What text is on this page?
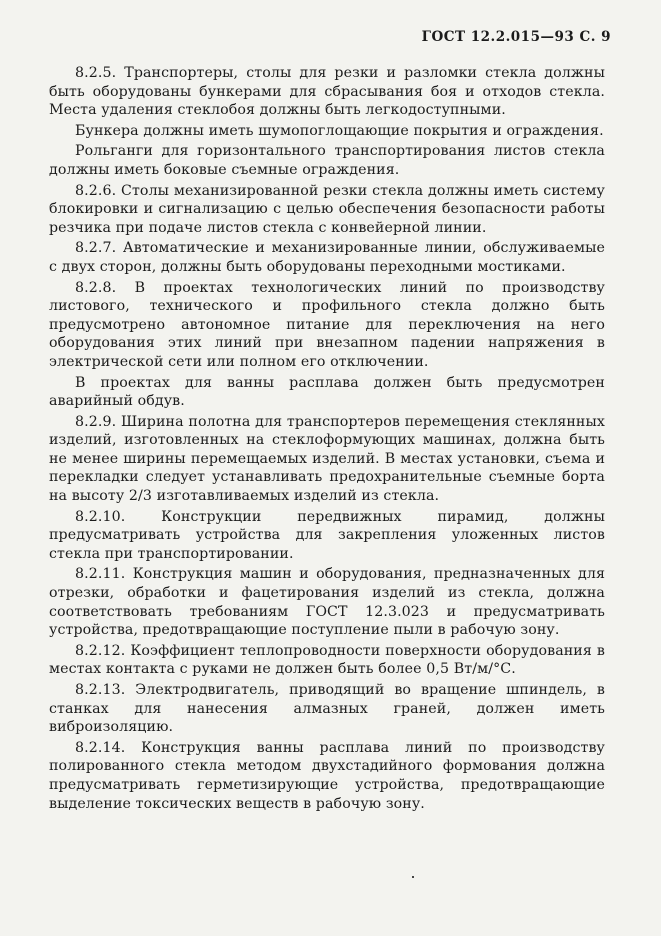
ГОСТ 12.2.015—93 С. 9

8.2.5. Транспортеры, столы для резки и разломки стекла должны быть оборудованы бункерами для сбрасывания боя и отходов стекла. Места удаления стеклобоя должны быть легкодоступными.

Бункера должны иметь шумопоглощающие покрытия и ограждения.

Рольганги для горизонтального транспортирования листов стекла должны иметь боковые съемные ограждения.

8.2.6. Столы механизированной резки стекла должны иметь систему блокировки и сигнализацию с целью обеспечения безопасности работы резчика при подаче листов стекла с конвейерной линии.

8.2.7. Автоматические и механизированные линии, обслуживаемые с двух сторон, должны быть оборудованы переходными мостиками.

8.2.8. В проектах технологических линий по производству листового, технического и профильного стекла должно быть предусмотрено автономное питание для переключения на него оборудования этих линий при внезапном падении напряжения в электрической сети или полном его отключении.

В проектах для ванны расплава должен быть предусмотрен аварийный обдув.

8.2.9. Ширина полотна для транспортеров перемещения стеклянных изделий, изготовленных на стеклоформующих машинах, должна быть не менее ширины перемещаемых изделий. В местах установки, съема и перекладки следует устанавливать предохранительные съемные борта на высоту 2/3 изготавливаемых изделий из стекла.

8.2.10. Конструкции передвижных пирамид, должны предусматривать устройства для закрепления уложенных листов стекла при транспортировании.

8.2.11. Конструкция машин и оборудования, предназначенных для отрезки, обработки и фацетирования изделий из стекла, должна соответствовать требованиям ГОСТ 12.3.023 и предусматривать устройства, предотвращающие поступление пыли в рабочую зону.

8.2.12. Коэффициент теплопроводности поверхности оборудования в местах контакта с руками не должен быть более 0,5 Вт/м/°С.

8.2.13. Электродвигатель, приводящий во вращение шпиндель, в станках для нанесения алмазных граней, должен иметь виброизоляцию.

8.2.14. Конструкция ванны расплава линий по производству полированного стекла методом двухстадийного формования должна предусматривать герметизирующие устройства, предотвращающие выделение токсических веществ в рабочую зону.
